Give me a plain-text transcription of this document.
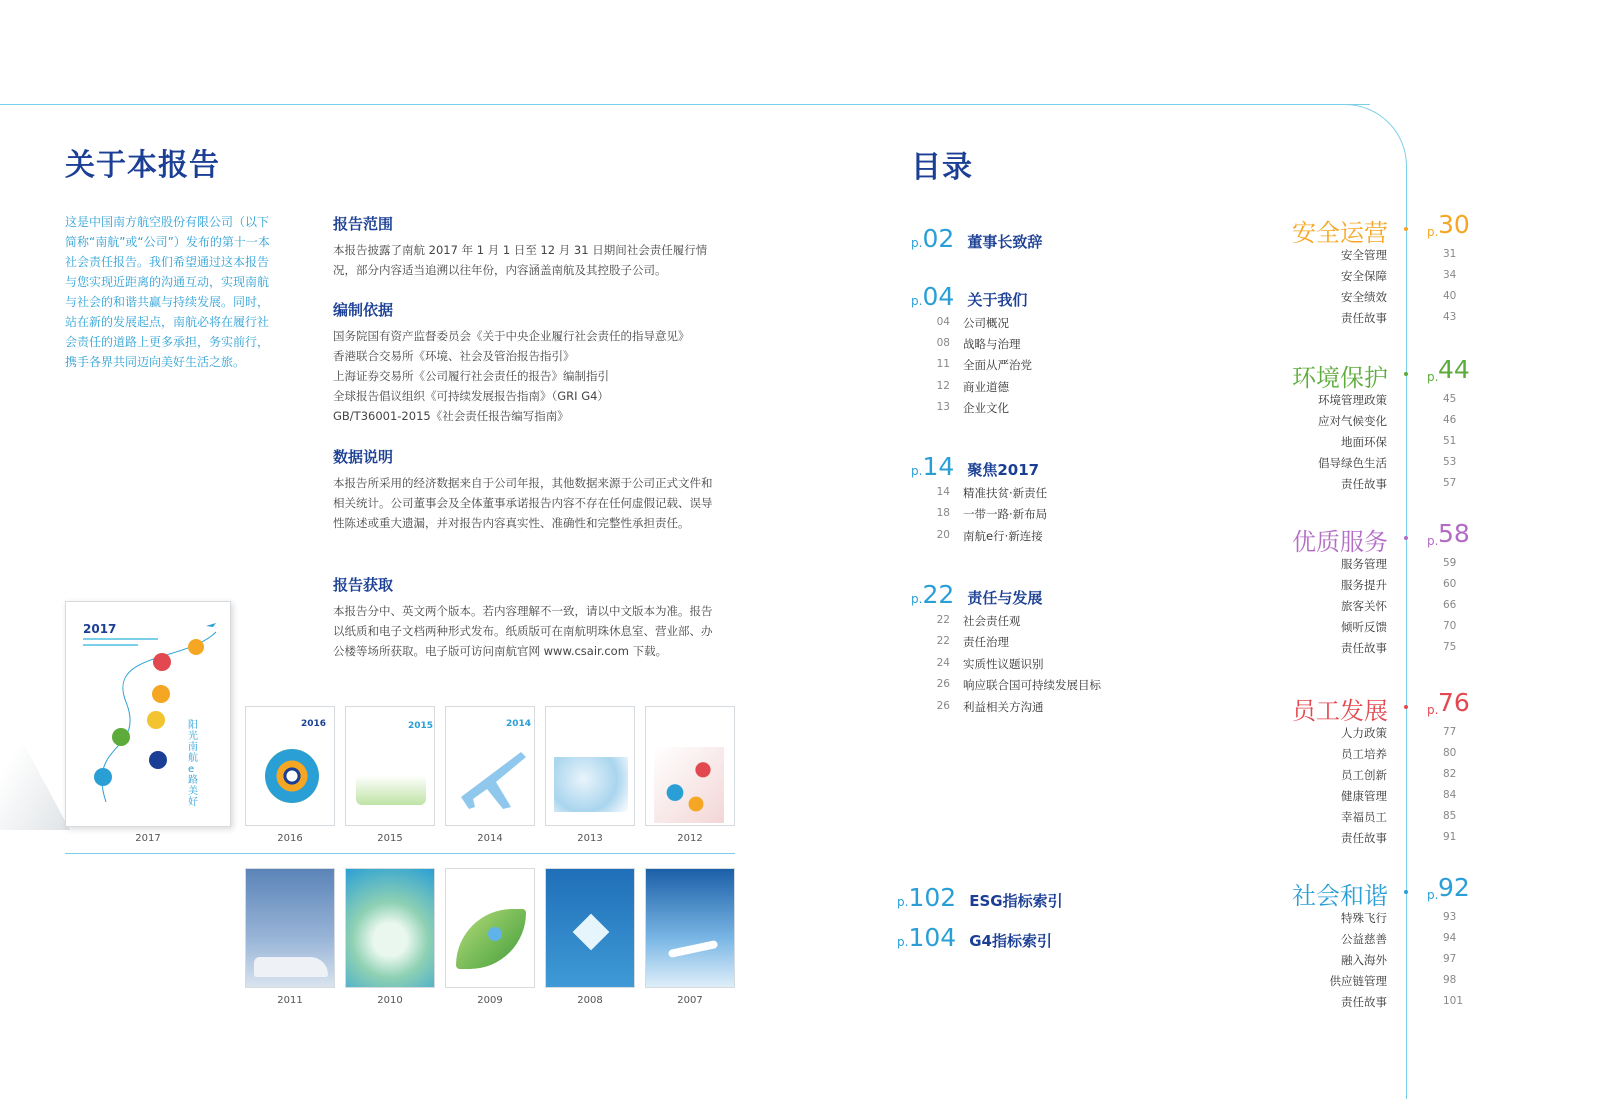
关于本报告
这是中国南方航空股份有限公司（以下简称“南航”或“公司”）发布的第十一本社会责任报告。我们希望通过这本报告与您实现近距离的沟通互动，实现南航与社会的和谐共赢与持续发展。同时，站在新的发展起点，南航必将在履行社会责任的道路上更多承担，务实前行，携手各界共同迈向美好生活之旅。
报告范围
本报告披露了南航 2017 年 1 月 1 日至 12 月 31 日期间社会责任履行情况，部分内容适当追溯以往年份，内容涵盖南航及其控股子公司。
编制依据
国务院国有资产监督委员会《关于中央企业履行社会责任的指导意见》
香港联合交易所《环境、社会及管治报告指引》
上海证券交易所《公司履行社会责任的报告》编制指引
全球报告倡议组织《可持续发展报告指南》（GRI G4）
GB/T36001-2015《社会责任报告编写指南》
数据说明
本报告所采用的经济数据来自于公司年报，其他数据来源于公司正式文件和相关统计。公司董事会及全体董事承诺报告内容不存在任何虚假记载、误导性陈述或重大遗漏，并对报告内容真实性、准确性和完整性承担责任。
报告获取
本报告分中、英文两个版本。若内容理解不一致，请以中文版本为准。报告以纸质和电子文档两种形式发布。纸质版可在南航明珠休息室、营业部、办公楼等场所获取。电子版可访问南航官网 www.csair.com 下载。
2017
阳光南航 e路美好
2017
2016
2016
2015
2015
2014
2014	2013	2012
2011	2010	2009	2008	2007
目录
p.02 董事长致辞
p.04 关于我们
04 公司概况
08 战略与治理
11 全面从严治党
12 商业道德
13 企业文化
p.14 聚焦2017
14 精准扶贫·新责任
18 一带一路·新布局
20 南航e行·新连接
p.22 责任与发展
22 社会责任观
22 责任治理
24 实质性议题识别
26 响应联合国可持续发展目标
26 利益相关方沟通
p.102 ESG指标索引
p.104 G4指标索引
安全运营	p. 30
安全管理	31
安全保障	34
安全绩效	40
责任故事	43
环境保护	p. 44
环境管理政策	45
应对气候变化	46
地面环保	51
倡导绿色生活	53
责任故事	57
优质服务	p. 58
服务管理	59
服务提升	60
旅客关怀	66
倾听反馈	70
责任故事	75
员工发展	p. 76
人力政策	77
员工培养	80
员工创新	82
健康管理	84
幸福员工	85
责任故事	91
社会和谐	p. 92
特殊飞行	93
公益慈善	94
融入海外	97
供应链管理	98
责任故事	101
